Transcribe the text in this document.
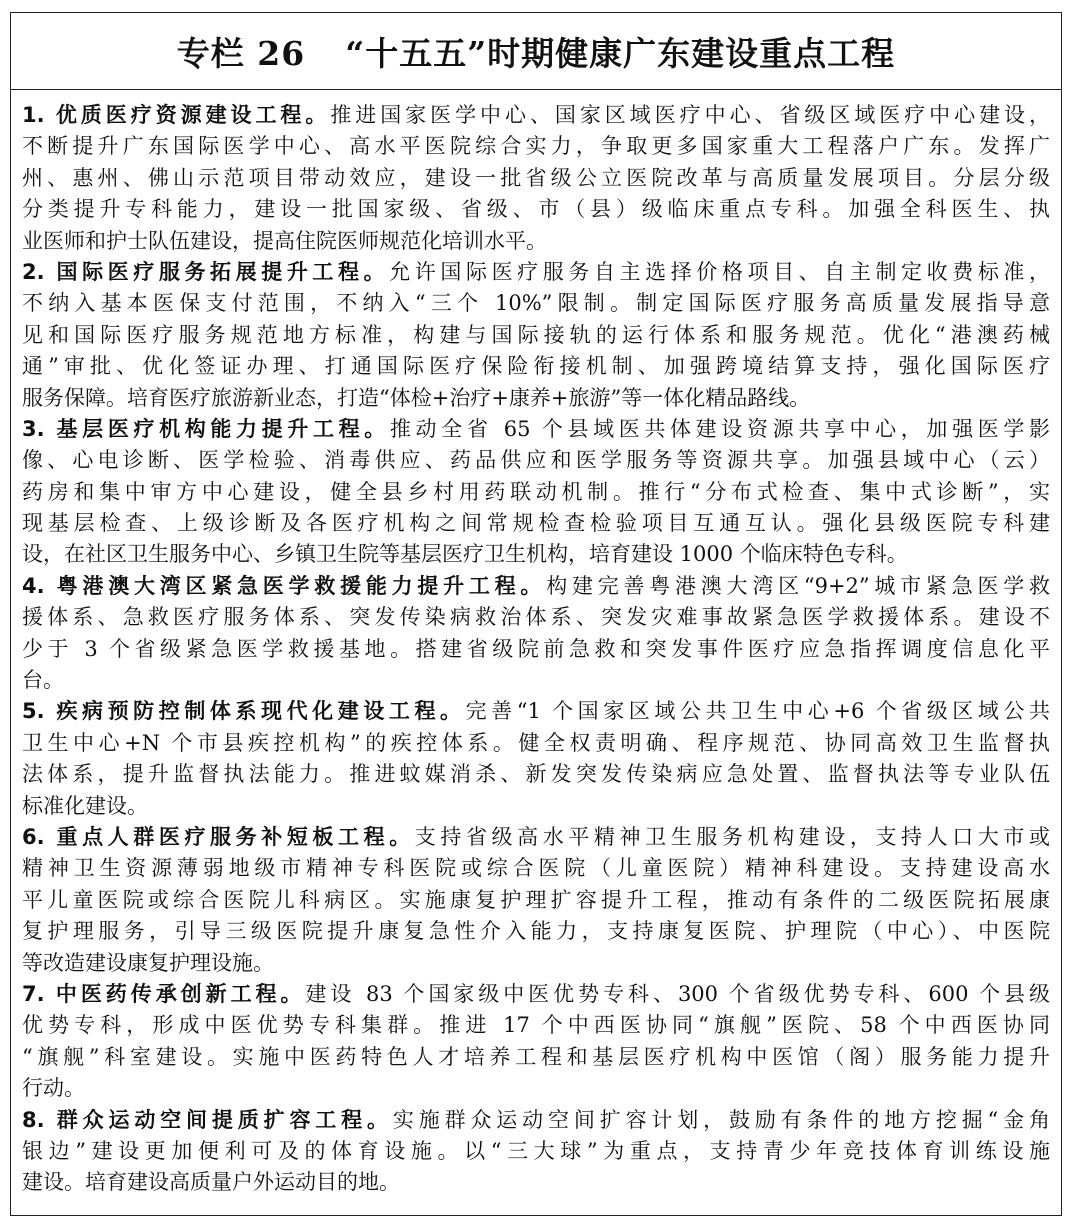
专栏 26 “十五五”时期健康广东建设重点工程
1. 优质医疗资源建设工程。推进国家医学中心、国家区域医疗中心、省级区域医疗中心建设，
不断提升广东国际医学中心、高水平医院综合实力，争取更多国家重大工程落户广东。发挥广
州、惠州、佛山示范项目带动效应，建设一批省级公立医院改革与高质量发展项目。分层分级
分类提升专科能力，建设一批国家级、省级、市（县）级临床重点专科。加强全科医生、执
业医师和护士队伍建设，提高住院医师规范化培训水平。
2. 国际医疗服务拓展提升工程。允许国际医疗服务自主选择价格项目、自主制定收费标准，
不纳入基本医保支付范围，不纳入“三个 10%”限制。制定国际医疗服务高质量发展指导意
见和国际医疗服务规范地方标准，构建与国际接轨的运行体系和服务规范。优化“港澳药械
通”审批、优化签证办理、打通国际医疗保险衔接机制、加强跨境结算支持，强化国际医疗
服务保障。培育医疗旅游新业态，打造“体检+治疗+康养+旅游”等一体化精品路线。
3. 基层医疗机构能力提升工程。推动全省 65 个县域医共体建设资源共享中心，加强医学影
像、心电诊断、医学检验、消毒供应、药品供应和医学服务等资源共享。加强县域中心（云）
药房和集中审方中心建设，健全县乡村用药联动机制。推行“分布式检查、集中式诊断”，实
现基层检查、上级诊断及各医疗机构之间常规检查检验项目互通互认。强化县级医院专科建
设，在社区卫生服务中心、乡镇卫生院等基层医疗卫生机构，培育建设 1000 个临床特色专科。
4. 粤港澳大湾区紧急医学救援能力提升工程。构建完善粤港澳大湾区“9+2”城市紧急医学救
援体系、急救医疗服务体系、突发传染病救治体系、突发灾难事故紧急医学救援体系。建设不
少于 3 个省级紧急医学救援基地。搭建省级院前急救和突发事件医疗应急指挥调度信息化平
台。
5. 疾病预防控制体系现代化建设工程。完善“1 个国家区域公共卫生中心+6 个省级区域公共
卫生中心+N 个市县疾控机构”的疾控体系。健全权责明确、程序规范、协同高效卫生监督执
法体系，提升监督执法能力。推进蚊媒消杀、新发突发传染病应急处置、监督执法等专业队伍
标准化建设。
6. 重点人群医疗服务补短板工程。支持省级高水平精神卫生服务机构建设，支持人口大市或
精神卫生资源薄弱地级市精神专科医院或综合医院（儿童医院）精神科建设。支持建设高水
平儿童医院或综合医院儿科病区。实施康复护理扩容提升工程，推动有条件的二级医院拓展康
复护理服务，引导三级医院提升康复急性介入能力，支持康复医院、护理院（中心）、中医院
等改造建设康复护理设施。
7. 中医药传承创新工程。建设 83 个国家级中医优势专科、300 个省级优势专科、600 个县级
优势专科，形成中医优势专科集群。推进 17 个中西医协同“旗舰”医院、58 个中西医协同
“旗舰”科室建设。实施中医药特色人才培养工程和基层医疗机构中医馆（阁）服务能力提升
行动。
8. 群众运动空间提质扩容工程。实施群众运动空间扩容计划，鼓励有条件的地方挖掘“金角
银边”建设更加便利可及的体育设施。以“三大球”为重点，支持青少年竞技体育训练设施
建设。培育建设高质量户外运动目的地。
